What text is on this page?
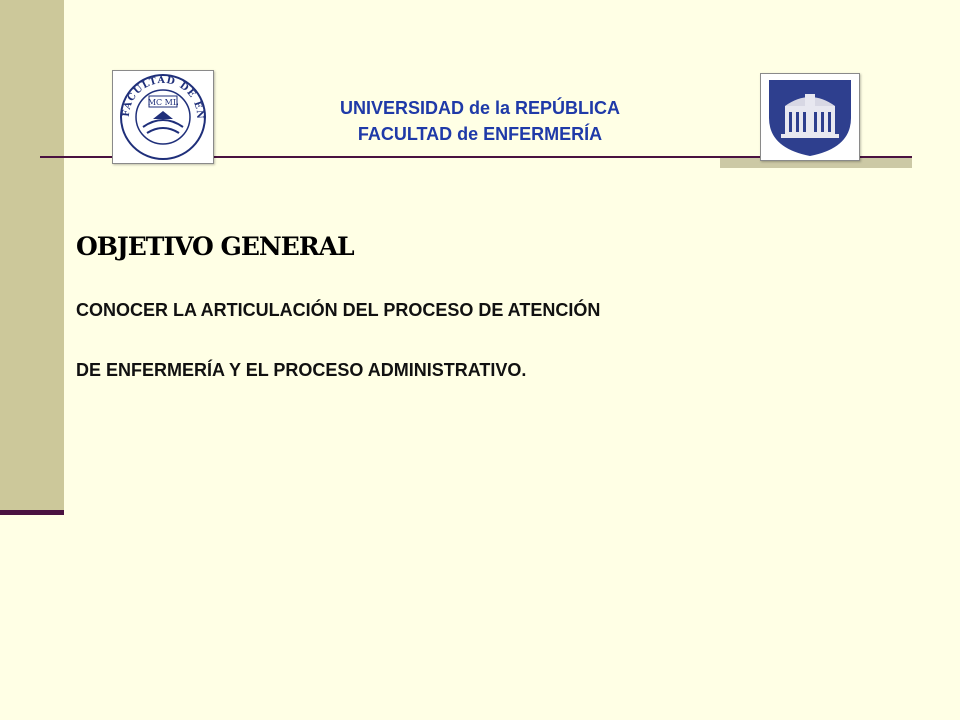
FACULTAD DE EN
MC ML	UNIVERSIDAD de la REPÚBLICA
FACULTAD de ENFERMERÍA
OBJETIVO GENERAL

CONOCER LA ARTICULACIÓN DEL PROCESO DE ATENCIÓN

DE ENFERMERÍA Y EL PROCESO ADMINISTRATIVO.
